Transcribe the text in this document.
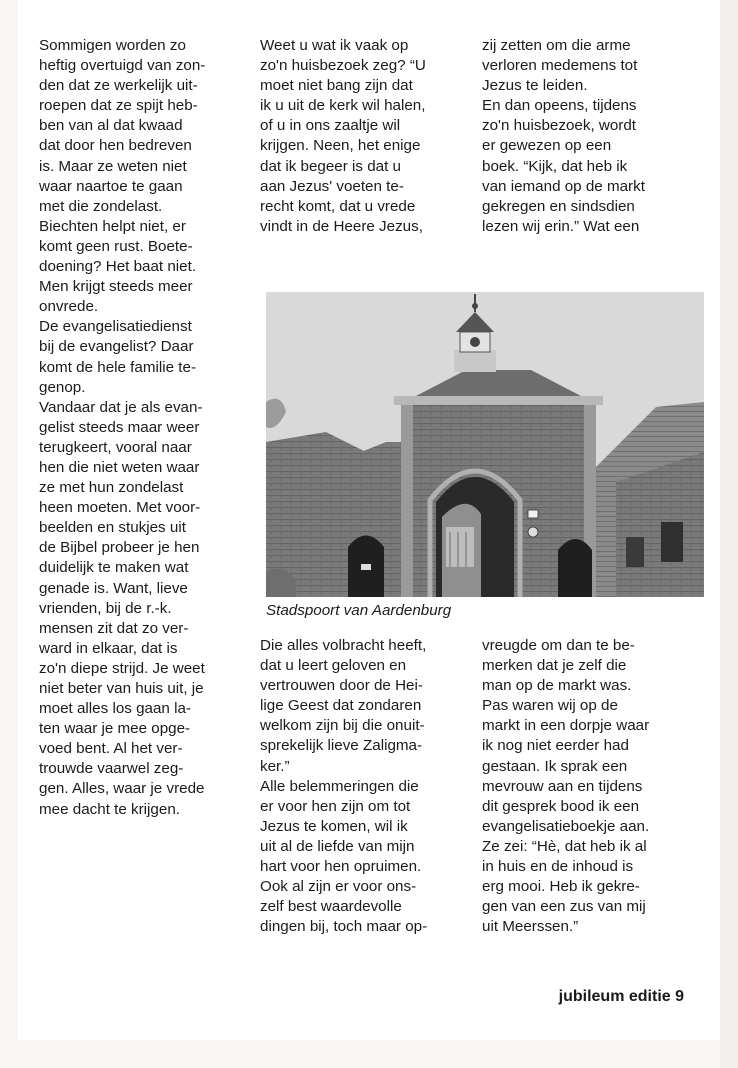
Sommigen worden zo
heftig overtuigd van zon-
den dat ze werkelijk uit-
roepen dat ze spijt heb-
ben van al dat kwaad
dat door hen bedreven
is. Maar ze weten niet
waar naartoe te gaan
met die zondelast.
Biechten helpt niet, er
komt geen rust. Boete-
doening? Het baat niet.
Men krijgt steeds meer
onvrede.
De evangelisatiedienst
bij de evangelist? Daar
komt de hele familie te-
genop.
Vandaar dat je als evan-
gelist steeds maar weer
terugkeert, vooral naar
hen die niet weten waar
ze met hun zondelast
heen moeten. Met voor-
beelden en stukjes uit
de Bijbel probeer je hen
duidelijk te maken wat
genade is. Want, lieve
vrienden, bij de r.-k.
mensen zit dat zo ver-
ward in elkaar, dat is
zo'n diepe strijd. Je weet
niet beter van huis uit, je
moet alles los gaan la-
ten waar je mee opge-
voed bent. Al het ver-
trouwde vaarwel zeg-
gen. Alles, waar je vrede
mee dacht te krijgen.
Weet u wat ik vaak op
zo'n huisbezoek zeg? “U
moet niet bang zijn dat
ik u uit de kerk wil halen,
of u in ons zaaltje wil
krijgen. Neen, het enige
dat ik begeer is dat u
aan Jezus' voeten te-
recht komt, dat u vrede
vindt in de Heere Jezus,
zij zetten om die arme
verloren medemens tot
Jezus te leiden.
En dan opeens, tijdens
zo'n huisbezoek, wordt
er gewezen op een
boek. “Kijk, dat heb ik
van iemand op de markt
gekregen en sindsdien
lezen wij erin.” Wat een
Stadspoort van Aardenburg
Die alles volbracht heeft,
dat u leert geloven en
vertrouwen door de Hei-
lige Geest dat zondaren
welkom zijn bij die onuit-
sprekelijk lieve Zaligma-
ker.”
Alle belemmeringen die
er voor hen zijn om tot
Jezus te komen, wil ik
uit al de liefde van mijn
hart voor hen opruimen.
Ook al zijn er voor ons-
zelf best waardevolle
dingen bij, toch maar op-
vreugde om dan te be-
merken dat je zelf die
man op de markt was.
Pas waren wij op de
markt in een dorpje waar
ik nog niet eerder had
gestaan. Ik sprak een
mevrouw aan en tijdens
dit gesprek bood ik een
evangelisatieboekje aan.
Ze zei: “Hè, dat heb ik al
in huis en de inhoud is
erg mooi. Heb ik gekre-
gen van een zus van mij
uit Meerssen.”
jubileum editie 9
